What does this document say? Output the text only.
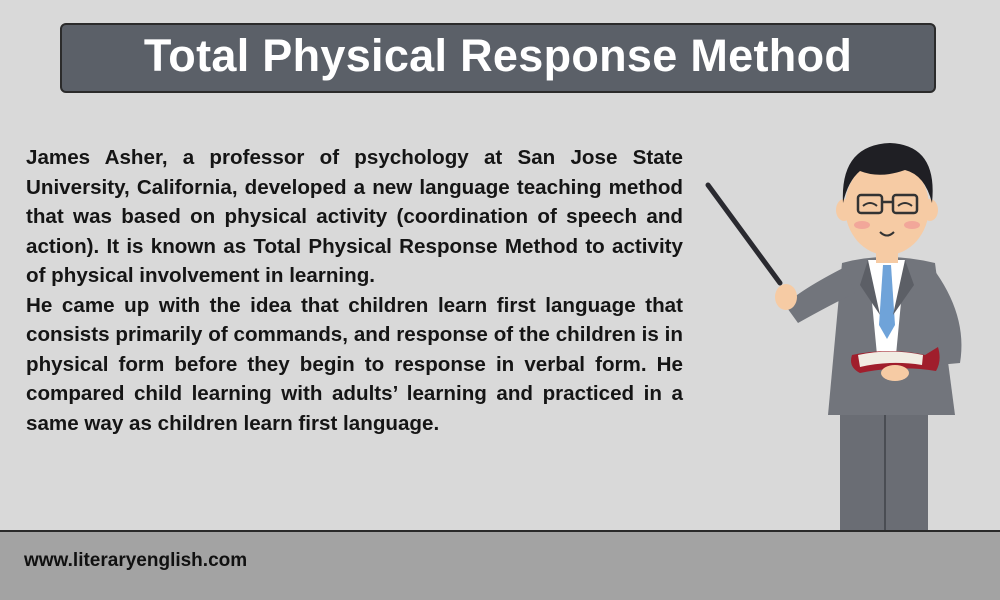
Total Physical Response Method

James Asher, a professor of psychology at San Jose State University, California, developed a new language teaching method that was based on physical activity (coordination of speech and action). It is known as Total Physical Response Method to activity of physical involvement in learning.

He came up with the idea that children learn first language that consists primarily of commands, and response of the children is in physical form before they begin to response in verbal form. He compared child learning with adults’ learning and practiced in a same way as children learn first language.

www.literaryenglish.com
